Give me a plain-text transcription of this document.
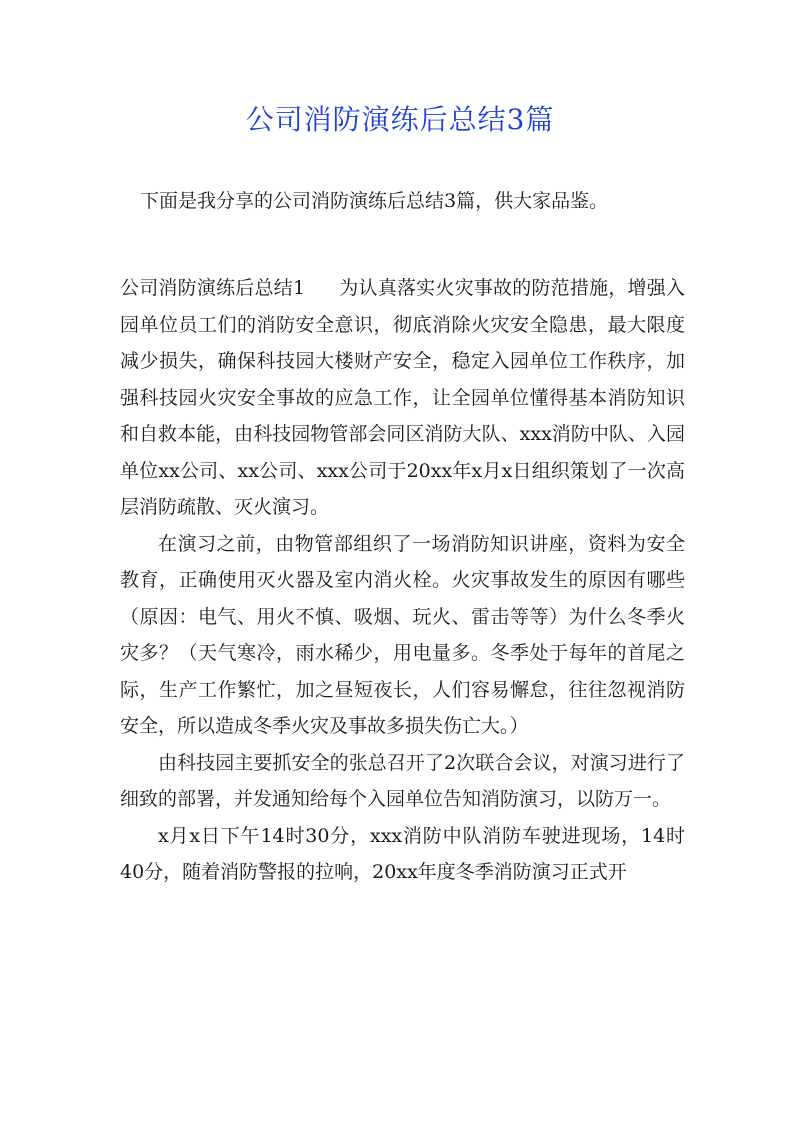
公司消防演练后总结3篇

下面是我分享的公司消防演练后总结3篇，供大家品鉴。

公司消防演练后总结1 为认真落实火灾事故的防范措施，增强入园单位员工们的消防安全意识，彻底消除火灾安全隐患，最大限度减少损失，确保科技园大楼财产安全，稳定入园单位工作秩序，加强科技园火灾安全事故的应急工作，让全园单位懂得基本消防知识和自救本能，由科技园物管部会同区消防大队、xxx消防中队、入园单位xx公司、xx公司、xxx公司于20xx年x月x日组织策划了一次高层消防疏散、灭火演习。

在演习之前，由物管部组织了一场消防知识讲座，资料为安全教育，正确使用灭火器及室内消火栓。火灾事故发生的原因有哪些（原因：电气、用火不慎、吸烟、玩火、雷击等等）为什么冬季火灾多？（天气寒冷，雨水稀少，用电量多。冬季处于每年的首尾之际，生产工作繁忙，加之昼短夜长，人们容易懈怠，往往忽视消防安全，所以造成冬季火灾及事故多损失伤亡大。）

由科技园主要抓安全的张总召开了2次联合会议，对演习进行了细致的部署，并发通知给每个入园单位告知消防演习，以防万一。

x月x日下午14时30分，xxx消防中队消防车驶进现场，14时40分，随着消防警报的拉响，20xx年度冬季消防演习正式开
